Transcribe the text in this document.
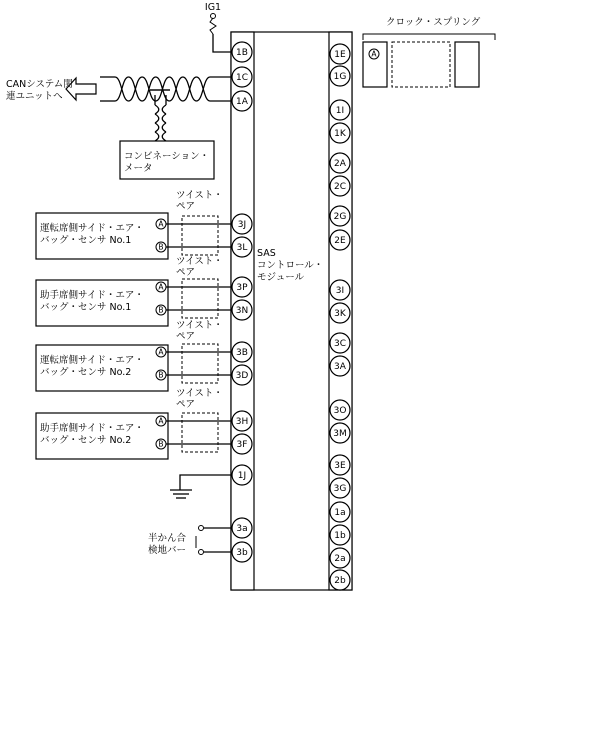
SAS
コントロール・
モジュール
1B
1C
1A
3J
3L
3P
3N
3B
3D
3H
3F
1J
3a
3b
1E
1G
1I
1K
2A
2C
2G
2E
3I
3K
3C
3A
3O
3M
3E
3G
1a
1b
2a
2b
IG1
CANシステム関
連ユニットへ
コンビネーション・
メータ
運転席側サイド・エア・
バッグ・センサ No.1
A
B
ツイスト・
ペア
助手席側サイド・エア・
バッグ・センサ No.1
A
B
ツイスト・
ペア
運転席側サイド・エア・
バッグ・センサ No.2
A
B
ツイスト・
ペア
助手席側サイド・エア・
バッグ・センサ No.2
A
B
ツイスト・
ペア
半かん合
検地バー
クロック・スプリング
A
